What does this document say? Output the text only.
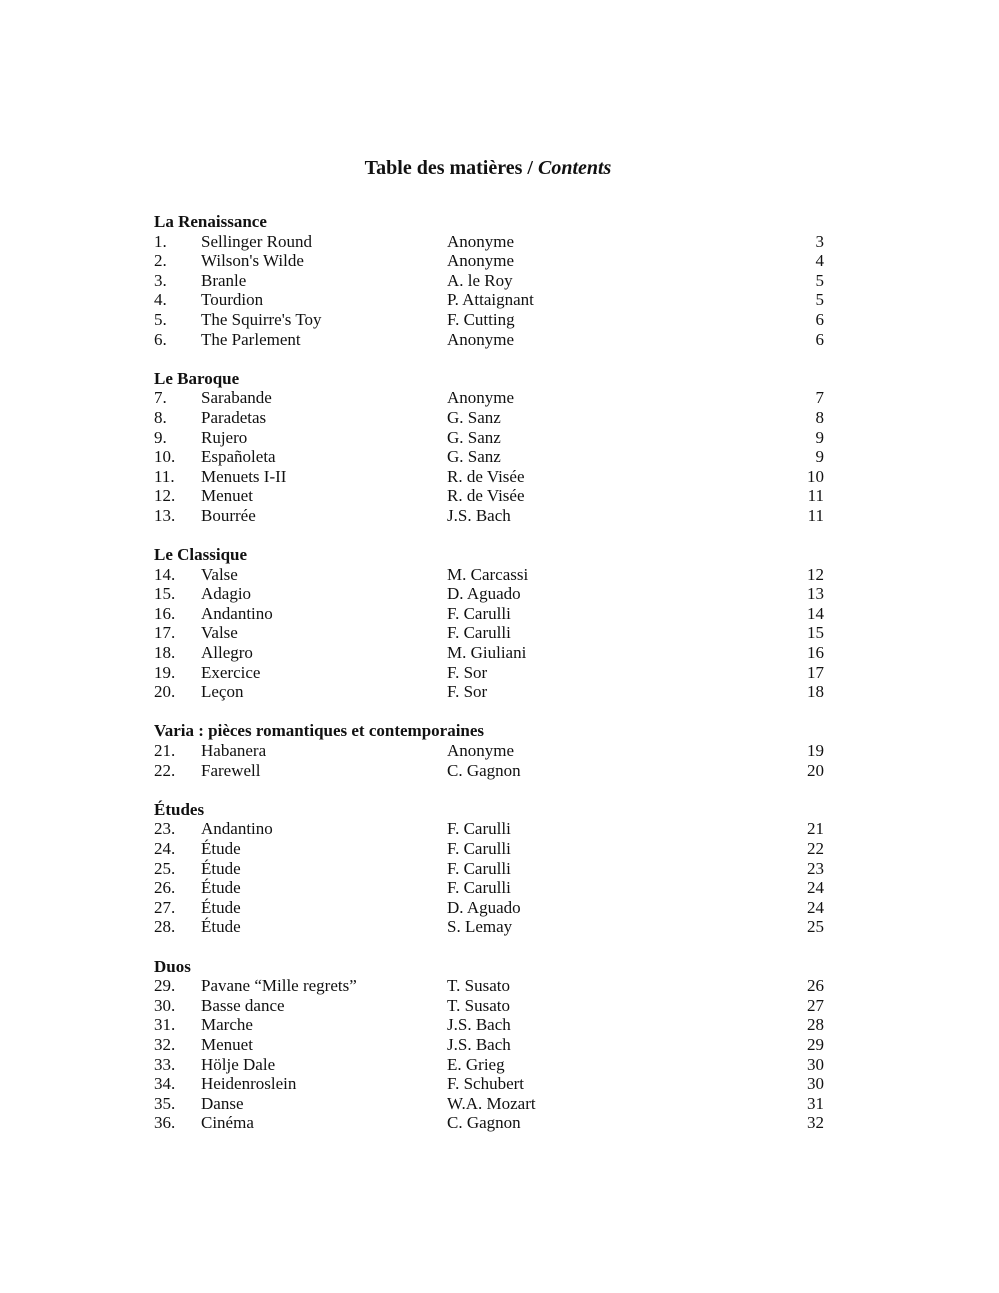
Table des matières / Contents
La Renaissance
1. Sellinger Round	Anonyme	3
2. Wilson's Wilde	Anonyme	4
3. Branle	A. le Roy	5
4. Tourdion	P. Attaignant	5
5. The Squirre's Toy	F. Cutting	6
6. The Parlement	Anonyme	6
Le Baroque
7. Sarabande	Anonyme	7
8. Paradetas	G. Sanz	8
9. Rujero	G. Sanz	9
10. Españoleta	G. Sanz	9
11. Menuets I-II	R. de Visée	10
12. Menuet	R. de Visée	11
13. Bourrée	J.S. Bach	11
Le Classique
14. Valse	M. Carcassi	12
15. Adagio	D. Aguado	13
16. Andantino	F. Carulli	14
17. Valse	F. Carulli	15
18. Allegro	M. Giuliani	16
19. Exercice	F. Sor	17
20. Leçon	F. Sor	18
Varia : pièces romantiques et contemporaines
21. Habanera	Anonyme	19
22. Farewell	C. Gagnon	20
Études
23. Andantino	F. Carulli	21
24. Étude	F. Carulli	22
25. Étude	F. Carulli	23
26. Étude	F. Carulli	24
27. Étude	D. Aguado	24
28. Étude	S. Lemay	25
Duos
29. Pavane “Mille regrets”	T. Susato	26
30. Basse dance	T. Susato	27
31. Marche	J.S. Bach	28
32. Menuet	J.S. Bach	29
33. Hölje Dale	E. Grieg	30
34. Heidenroslein	F. Schubert	30
35. Danse	W.A. Mozart	31
36. Cinéma	C. Gagnon	32
